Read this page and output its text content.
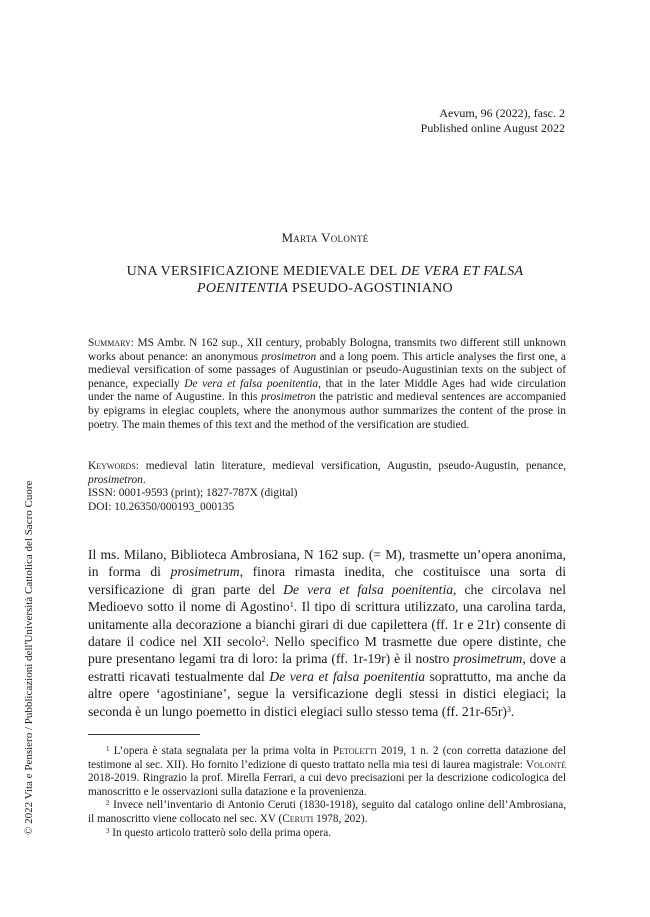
© 2022 Vita e Pensiero / Pubblicazioni dell'Università Cattolica del Sacro Cuore
Aevum, 96 (2022), fasc. 2
Published online August 2022
Marta Volonté
UNA VERSIFICAZIONE MEDIEVALE DEL DE VERA ET FALSA POENITENTIA PSEUDO-AGOSTINIANO
Summary: MS Ambr. N 162 sup., XII century, probably Bologna, transmits two different still unknown works about penance: an anonymous prosimetron and a long poem. This article analyses the first one, a medieval versification of some passages of Augustinian or pseudo-Augustinian texts on the subject of penance, expecially De vera et falsa poenitentia, that in the later Middle Ages had wide circulation under the name of Augustine. In this prosimetron the patristic and medieval sentences are accompanied by epigrams in elegiac couplets, where the anonymous author summarizes the content of the prose in poetry. The main themes of this text and the method of the versification are studied.

Keywords: medieval latin literature, medieval versification, Augustin, pseudo-Augustin, penance, prosimetron.

ISSN: 0001-9593 (print); 1827-787X (digital)
DOI: 10.26350/000193_000135
Il ms. Milano, Biblioteca Ambrosiana, N 162 sup. (= M), trasmette un’opera anonima, in forma di prosimetrum, finora rimasta inedita, che costituisce una sorta di versificazione di gran parte del De vera et falsa poenitentia, che circolava nel Medioevo sotto il nome di Agostino$^1$. Il tipo di scrittura utilizzato, una carolina tarda, unitamente alla decorazione a bianchi girari di due capilettera (ff. 1r e 21r) consente di datare il codice nel XII secolo$^2$. Nello specifico M trasmette due opere distinte, che pure presentano legami tra di loro: la prima (ff. 1r-19r) è il nostro prosimetrum, dove a estratti ricavati testualmente dal De vera et falsa poenitentia soprattutto, ma anche da altre opere ‘agostiniane’, segue la versificazione degli stessi in distici elegiaci; la seconda è un lungo poemetto in distici elegiaci sullo stesso tema (ff. 21r-65r)$^3$.
$^1$ L’opera è stata segnalata per la prima volta in Petoletti 2019, 1 n. 2 (con corretta datazione del testimone al sec. XII). Ho fornito l’edizione di questo trattato nella mia tesi di laurea magistrale: Volonté 2018-2019. Ringrazio la prof. Mirella Ferrari, a cui devo precisazioni per la descrizione codicologica del manoscritto e le osservazioni sulla datazione e la provenienza.
$^2$ Invece nell’inventario di Antonio Ceruti (1830-1918), seguito dal catalogo online dell’Ambrosiana, il manoscritto viene collocato nel sec. XV (Ceruti 1978, 202).
$^3$ In questo articolo tratterò solo della prima opera.
